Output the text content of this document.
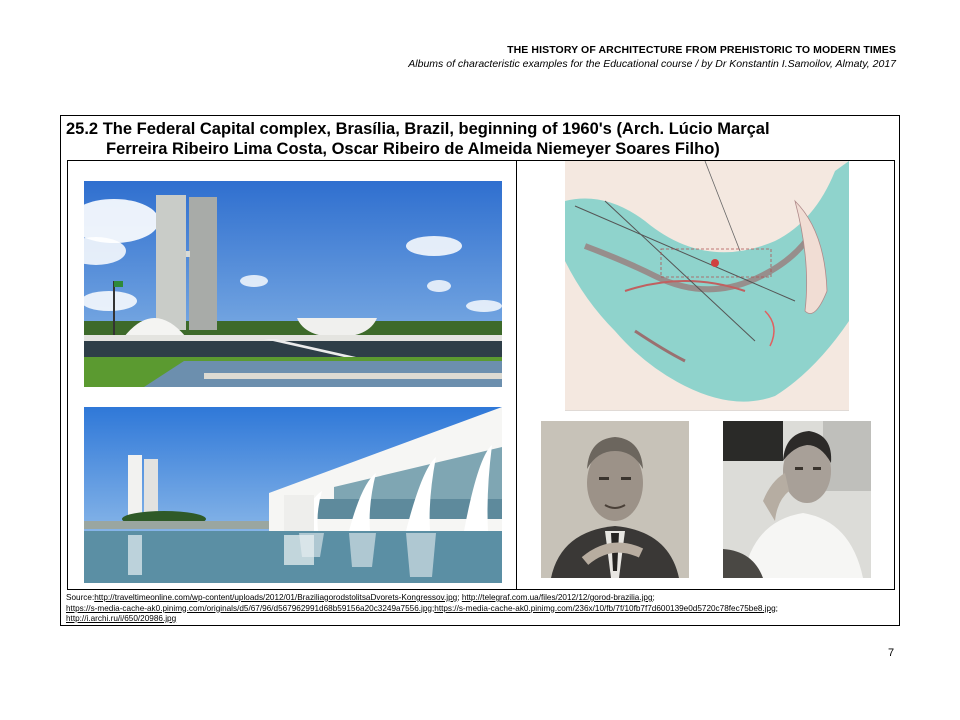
THE HISTORY OF ARCHITECTURE FROM PREHISTORIC TO MODERN TIMES
Albums of characteristic examples for the Educational course / by Dr Konstantin I.Samoilov, Almaty, 2017
25.2 The Federal Capital complex, Brasília, Brazil, beginning of 1960's (Arch. Lúcio Marçal
Ferreira Ribeiro Lima Costa, Oscar Ribeiro de Almeida Niemeyer Soares Filho)
Source:http://traveltimeonline.com/wp-content/uploads/2012/01/BraziliagorodstolitsaDvorets-Kongressov.jpg; http://telegraf.com.ua/files/2012/12/gorod-brazilia.jpg;
https://s-media-cache-ak0.pinimg.com/originals/d5/67/96/d567962991d68b59156a20c3249a7556.jpg;https://s-media-cache-ak0.pinimg.com/236x/10/fb/7f/10fb7f7d600139e0d5720c78fec75be8.jpg;
http://i.archi.ru/i/650/20986.jpg
7
